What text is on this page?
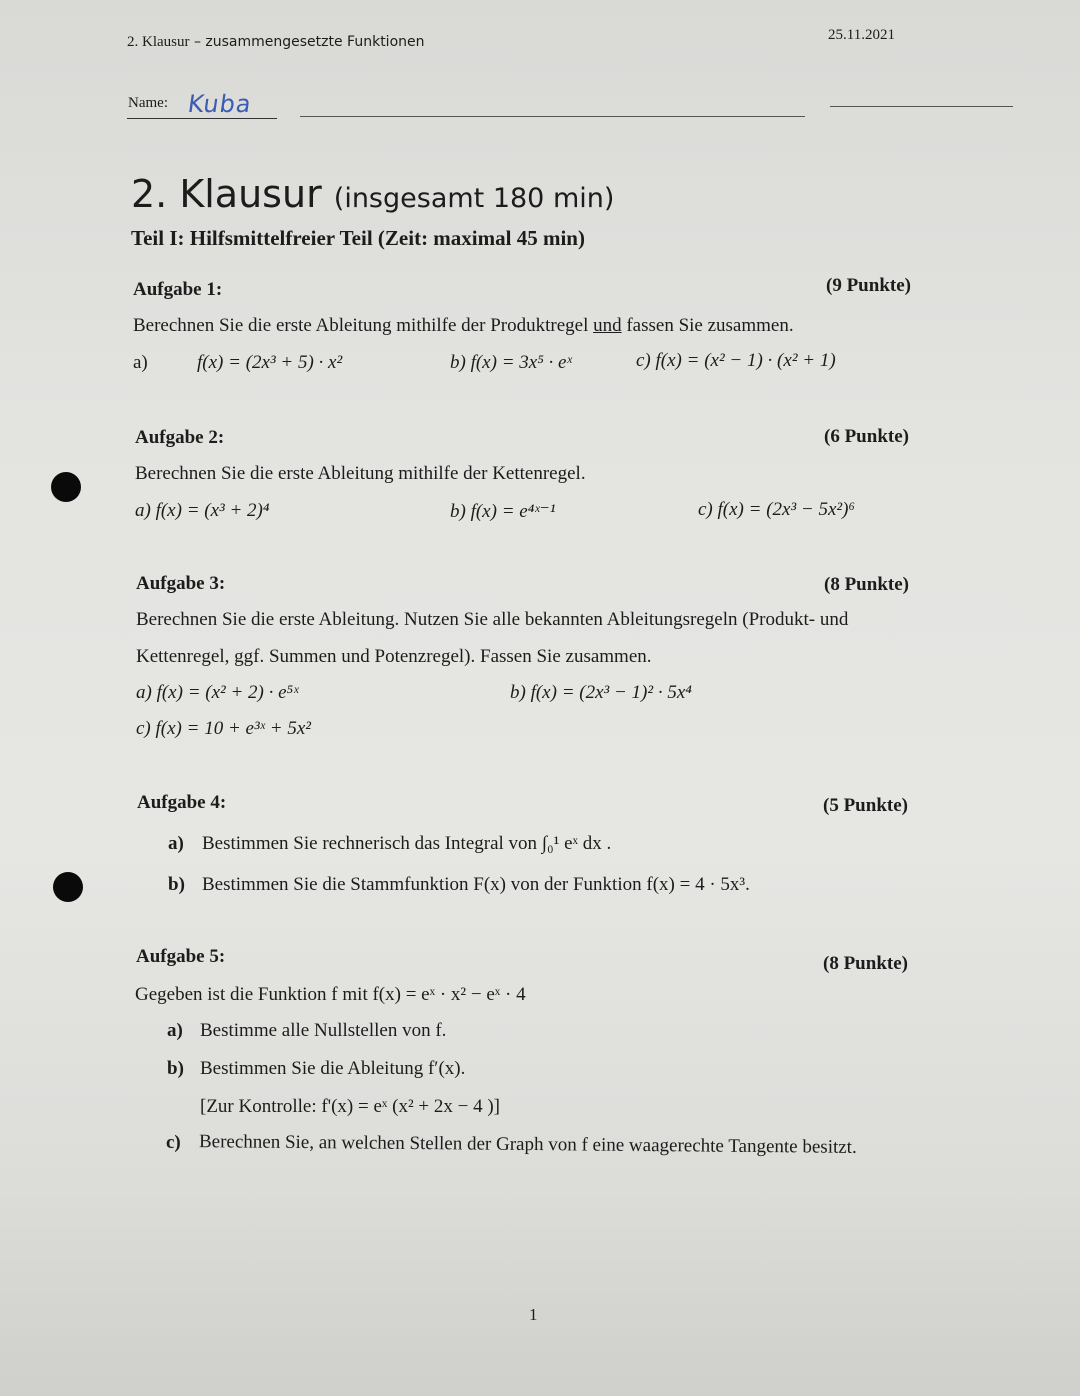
2. Klausur – zusammengesetzte Funktionen	25.11.2021
Name: Kuba
2. Klausur (insgesamt 180 min)
Teil I: Hilfsmittelfreier Teil (Zeit: maximal 45 min)
Aufgabe 1:	(9 Punkte)
Berechnen Sie die erste Ableitung mithilfe der Produktregel und fassen Sie zusammen.
a)	f(x) = (2x³ + 5) · x²	b) f(x) = 3x⁵ · eˣ	c) f(x) = (x² − 1) · (x² + 1)
Aufgabe 2:	(6 Punkte)
Berechnen Sie die erste Ableitung mithilfe der Kettenregel.
a) f(x) = (x³ + 2)⁴	b) f(x) = e⁴ˣ⁻¹	c) f(x) = (2x³ − 5x²)⁶
Aufgabe 3:	(8 Punkte)
Berechnen Sie die erste Ableitung. Nutzen Sie alle bekannten Ableitungsregeln (Produkt- und
Kettenregel, ggf. Summen und Potenzregel). Fassen Sie zusammen.
a) f(x) = (x² + 2) · e⁵ˣ	b) f(x) = (2x³ − 1)² · 5x⁴
c) f(x) = 10 + e³ˣ + 5x²
Aufgabe 4:	(5 Punkte)
a) Bestimmen Sie rechnerisch das Integral von ∫₀¹ eˣ dx .
b) Bestimmen Sie die Stammfunktion F(x) von der Funktion f(x) = 4 · 5x³.
Aufgabe 5:	(8 Punkte)
Gegeben ist die Funktion f mit f(x) = eˣ · x² − eˣ · 4
a) Bestimme alle Nullstellen von f.
b) Bestimmen Sie die Ableitung f′(x).
[Zur Kontrolle: f'(x) = eˣ (x² + 2x − 4 )]
c) Berechnen Sie, an welchen Stellen der Graph von f eine waagerechte Tangente besitzt.
1
